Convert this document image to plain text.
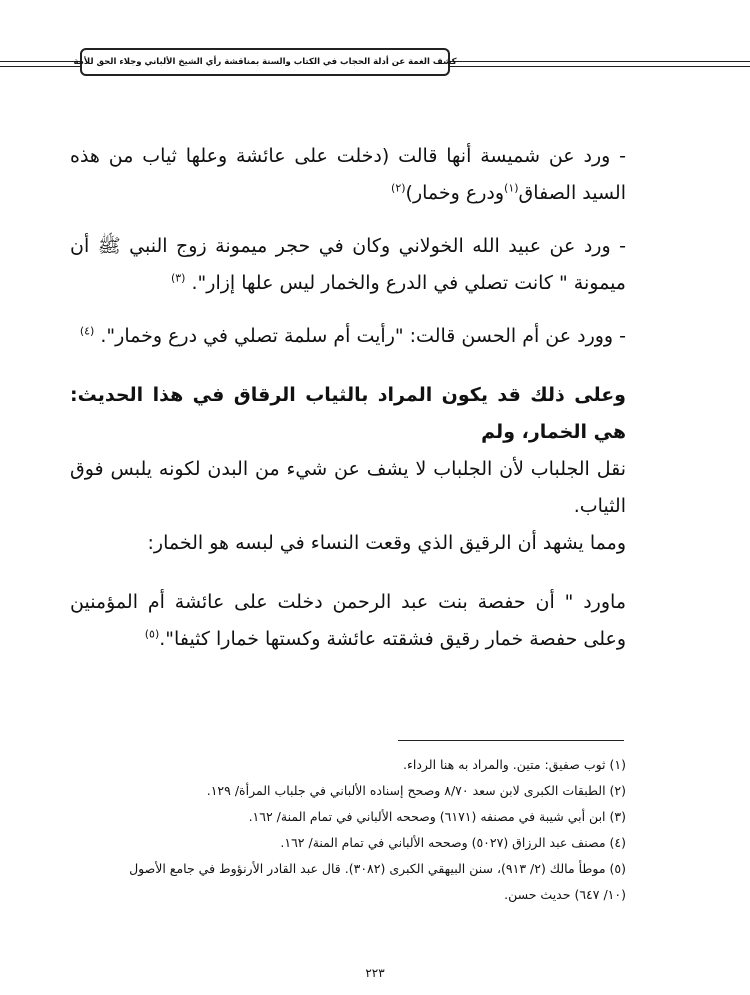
كشف الغمة عن أدلة الحجاب في الكتاب والسنة بمناقشة رأي الشيخ الألباني وجلاء الحق للأمة

- ورد عن شميسة أنها قالت (دخلت على عائشة وعلها ثياب من هذه السيد الصفاق$^{(١)}$ودرع وخمار)$^{(٢)}$

- ورد عن عبيد الله الخولاني وكان في حجر ميمونة زوج النبي ﷺ أن ميمونة " كانت تصلي في الدرع والخمار ليس علها إزار". $^{(٣)}$

- وورد عن أم الحسن قالت: "رأيت أم سلمة تصلي في درع وخمار". $^{(٤)}$

وعلى ذلك قد يكون المراد بالثياب الرقاق في هذا الحديث: هي الخمار، ولم

نقل الجلباب لأن الجلباب لا يشف عن شيء من البدن لكونه يلبس فوق الثياب.

ومما يشهد أن الرقيق الذي وقعت النساء في لبسه هو الخمار:

ماورد " أن حفصة بنت عبد الرحمن دخلت على عائشة أم المؤمنين وعلى حفصة خمار رقيق فشقته عائشة وكستها خمارا كثيفا".$^{(٥)}$

(١) ثوب صفيق: متين. والمراد به هنا الرداء.

(٢) الطبقات الكبرى لابن سعد ٨/٧٠ وصحح إسناده الألباني في جلباب المرأة/ ١٢٩.

(٣) ابن أبي شيبة في مصنفه (٦١٧١) وصححه الألباني في تمام المنة/ ١٦٢.

(٤) مصنف عبد الرزاق (٥٠٢٧) وصححه الألباني في تمام المنة/ ١٦٢.

(٥) موطأ مالك (٢/ ٩١٣)، سنن البيهقي الكبرى (٣٠٨٢). قال عبد القادر الأرنؤوط في جامع الأصول

(١٠/ ٦٤٧) حديث حسن.

٢٢٣
